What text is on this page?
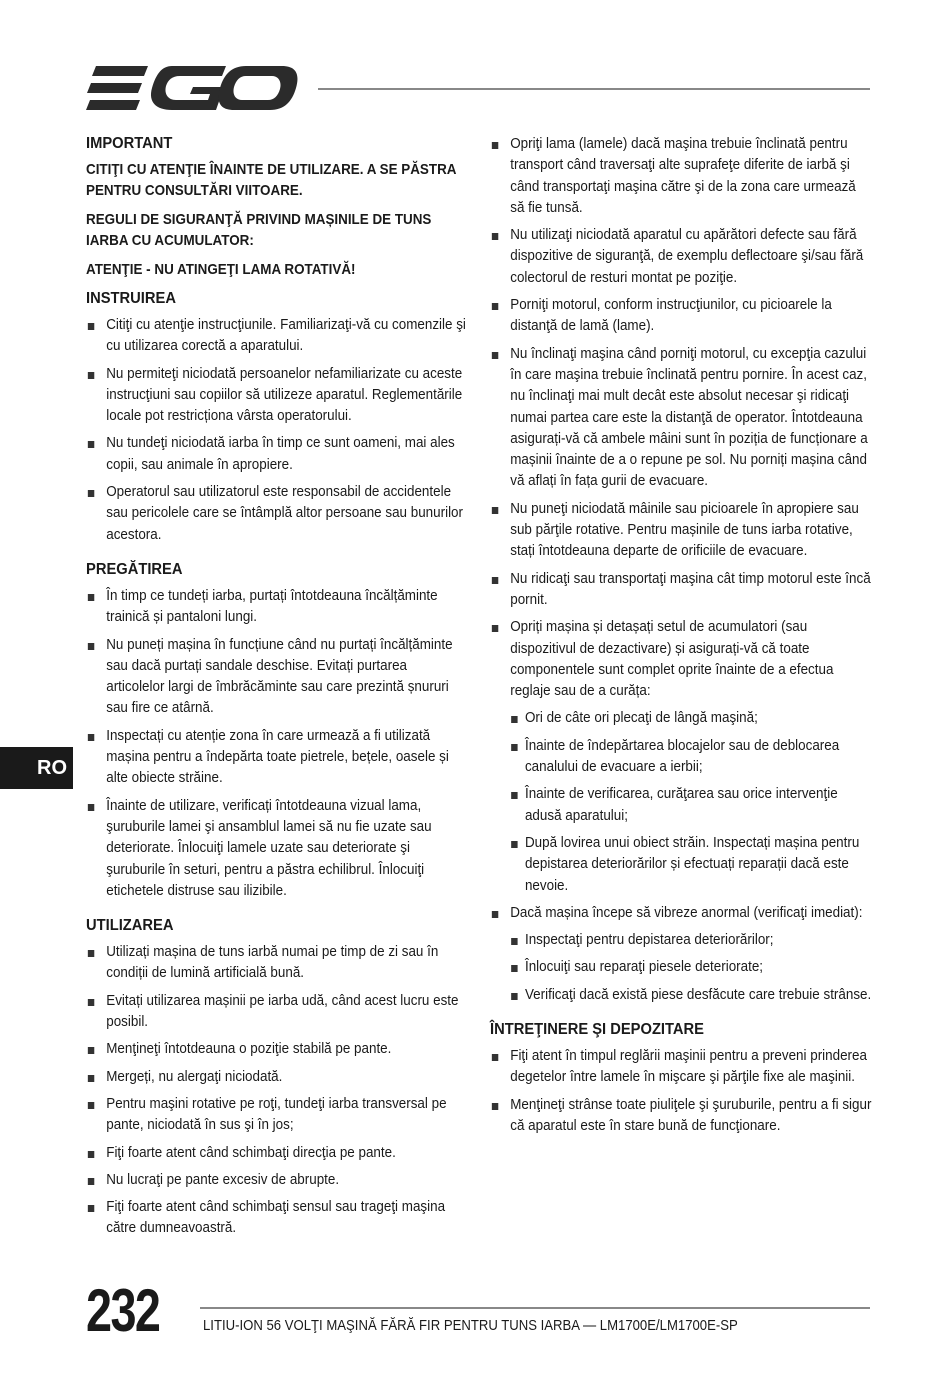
IMPORTANT
CITIŢI CU ATENŢIE ÎNAINTE DE UTILIZARE. A SE PĂSTRA PENTRU CONSULTĂRI VIITOARE.
REGULI DE SIGURANŢĂ PRIVIND MAȘINILE DE TUNS IARBA CU ACUMULATOR:
ATENŢIE - NU ATINGEŢI LAMA ROTATIVĂ!
INSTRUIREA
Citiţi cu atenţie instrucţiunile. Familiarizaţi-vă cu comenzile şi cu utilizarea corectă a aparatului.
Nu permiteţi niciodată persoanelor nefamiliarizate cu aceste instrucţiuni sau copiilor să utilizeze aparatul. Reglementările locale pot restricționa vârsta operatorului.
Nu tundeţi niciodată iarba în timp ce sunt oameni, mai ales copii, sau animale în apropiere.
Operatorul sau utilizatorul este responsabil de accidentele sau pericolele care se întâmplă altor persoane sau bunurilor acestora.
PREGĂTIREA
În timp ce tundeți iarba, purtați întotdeauna încălțăminte trainică și pantaloni lungi.
Nu puneți mașina în funcțiune când nu purtați încălțăminte sau dacă purtați sandale deschise. Evitați purtarea articolelor largi de îmbrăcăminte sau care prezintă șnururi sau fire ce atârnă.
Inspectați cu atenție zona în care urmează a fi utilizată mașina pentru a îndepărta toate pietrele, bețele, oasele și alte obiecte străine.
Înainte de utilizare, verificați întotdeauna vizual lama, şuruburile lamei şi ansamblul lamei să nu fie uzate sau deteriorate. Înlocuiţi lamele uzate sau deteriorate şi şuruburile în seturi, pentru a păstra echilibrul. Înlocuiţi etichetele distruse sau ilizibile.
UTILIZAREA
Utilizați mașina de tuns iarbă numai pe timp de zi sau în condiții de lumină artificială bună.
Evitați utilizarea mașinii pe iarba udă, când acest lucru este posibil.
Menţineţi întotdeauna o poziţie stabilă pe pante.
Mergeți, nu alergaţi niciodată.
Pentru maşini rotative pe roţi, tundeţi iarba transversal pe pante, niciodată în sus şi în jos;
Fiţi foarte atent când schimbaţi direcţia pe pante.
Nu lucraţi pe pante excesiv de abrupte.
Fiţi foarte atent când schimbaţi sensul sau trageţi maşina către dumneavoastră.
Opriţi lama (lamele) dacă maşina trebuie înclinată pentru transport când traversaţi alte suprafeţe diferite de iarbă şi când transportaţi maşina către şi de la zona care urmează să fie tunsă.
Nu utilizaţi niciodată aparatul cu apărători defecte sau fără dispozitive de siguranţă, de exemplu deflectoare şi/sau fără colectorul de resturi montat pe poziţie.
Porniţi motorul, conform instrucţiunilor, cu picioarele la distanţă de lamă (lame).
Nu înclinaţi maşina când porniţi motorul, cu excepţia cazului în care maşina trebuie înclinată pentru pornire. În acest caz, nu înclinaţi mai mult decât este absolut necesar şi ridicaţi numai partea care este la distanţă de operator. Întotdeauna asigurați-vă că ambele mâini sunt în poziția de funcționare a mașinii înainte de a o repune pe sol. Nu porniți mașina când vă aflați în fața gurii de evacuare.
Nu puneţi niciodată mâinile sau picioarele în apropiere sau sub părţile rotative. Pentru mașinile de tuns iarba rotative, stați întotdeauna departe de orificiile de evacuare.
Nu ridicaţi sau transportaţi maşina cât timp motorul este încă pornit.
Opriți mașina și detașați setul de acumulatori (sau dispozitivul de dezactivare) și asigurați-vă că toate componentele sunt complet oprite înainte de a efectua reglaje sau de a curăța:
Ori de câte ori plecaţi de lângă maşină;
Înainte de îndepărtarea blocajelor sau de deblocarea canalului de evacuare a ierbii;
Înainte de verificarea, curăţarea sau orice intervenţie adusă aparatului;
După lovirea unui obiect străin. Inspectați mașina pentru depistarea deteriorărilor și efectuați reparații dacă este nevoie.
Dacă mașina începe să vibreze anormal (verificaţi imediat):
Inspectaţi pentru depistarea deteriorărilor;
Înlocuiţi sau reparaţi piesele deteriorate;
Verificaţi dacă există piese desfăcute care trebuie strânse.
ÎNTREŢINERE ŞI DEPOZITARE
Fiţi atent în timpul reglării maşinii pentru a preveni prinderea degetelor între lamele în mişcare şi părţile fixe ale maşinii.
Menţineţi strânse toate piuliţele şi şuruburile, pentru a fi sigur că aparatul este în stare bună de funcţionare.
RO
232	LITIU-ION 56 VOLŢI MAŞINĂ FĂRĂ FIR PENTRU TUNS IARBA — LM1700E/LM1700E-SP
